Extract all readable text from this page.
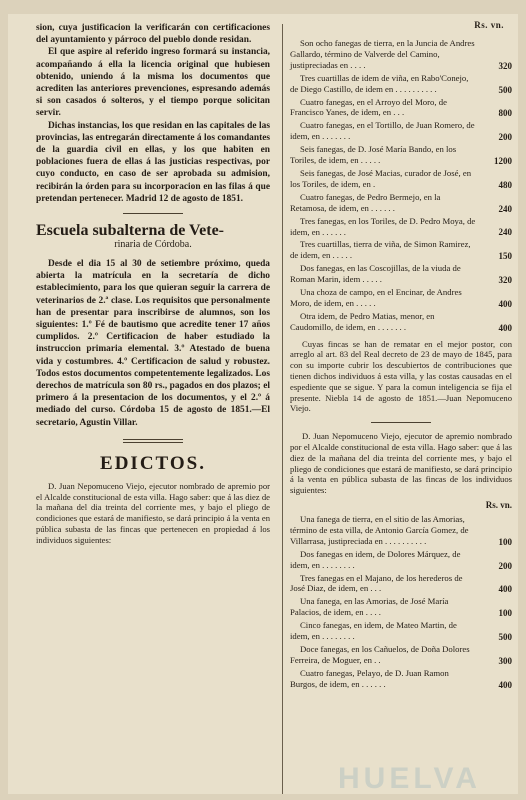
Rs. vn.

sion, cuya justificacion la verificarán con certificaciones del ayuntamiento y párroco del pueblo donde residan.

El que aspire al referido ingreso formará su instancia, acompañando á ella la licencia original que hubiesen obtenido, uniendo á la misma los documentos que acrediten las anteriores prevenciones, espresando además si son casados ó solteros, y el tiempo porque solicitan servir.

Dichas instancias, los que residan en las capitales de las provincias, las entregarán directamente á los comandantes de la guardia civil en ellas, y los que habiten en poblaciones fuera de ellas á las justicias respectivas, por cuyo conducto, en caso de ser aprobada su admision, recibirán la órden para su incorporacion en las filas á que pretendan pertenecer. Madrid 12 de agosto de 1851.

Escuela subalterna de Vete-
rinaria de Córdoba.

Desde el dia 15 al 30 de setiembre próximo, queda abierta la matrícula en la secretaría de dicho establecimiento, para los que quieran seguir la carrera de veterinarios de 2.ª clase. Los requisitos que personalmente han de presentar para inscribirse de alumnos, son los siguientes: 1.º Fé de bautismo que acredite tener 17 años cumplidos. 2.º Certificacion de haber estudiado la instruccion primaria elemental. 3.º Atestado de buena vida y costumbres. 4.º Certificacion de salud y robustez. Todos estos documentos competentemente legalizados. Los derechos de matrícula son 80 rs., pagados en dos plazos; el primero á la presentacion de los documentos, y el 2.º á mediado del curso. Córdoba 15 de agosto de 1851.—El secretario, Agustin Villar.

EDICTOS.

D. Juan Nepomuceno Viejo, ejecutor nombrado de apremio por el Alcalde constitucional de esta villa. Hago saber: que á las diez de la mañana del dia treinta del corriente mes, y bajo el pliego de condiciones que estará de manifiesto, se dará principio á la venta en pública subasta de las fincas que pertenecen en propiedad á los individuos siguientes:

Son ocho fanegas de tierra, en la Juncia de Andres Gallardo, término de Valverde del Camino, justipreciadas en . . . .	320
Tres cuartillas de idem de viña, en Rabo'Conejo, de Diego Castillo, de idem en . . . . . . . . . .	500
Cuatro fanegas, en el Arroyo del Moro, de Francisco Yanes, de idem, en . . .	800
Cuatro fanegas, en el Tortillo, de Juan Romero, de idem, en . . . . . . .	200
Seis fanegas, de D. José María Bando, en los Toriles, de idem, en . . . . .	1200
Seis fanegas, de José Macias, curador de José, en los Toriles, de idem, en .	480
Cuatro fanegas, de Pedro Bermejo, en la Retamosa, de idem, en . . . . . .	240
Tres fanegas, en los Toriles, de D. Pedro Moya, de idem, en . . . . . .	240
Tres cuartillas, tierra de viña, de Simon Ramirez, de idem, en . . . . .	150
Dos fanegas, en las Coscojillas, de la viuda de Roman Marin, idem . . . . .	320
Una choza de campo, en el Encinar, de Andres Moro, de idem, en . . . . .	400
Otra idem, de Pedro Matias, menor, en Caudomillo, de idem, en . . . . . . .	400

Cuyas fincas se han de rematar en el mejor postor, con arreglo al art. 83 del Real decreto de 23 de mayo de 1845, para con su importe cubrir los descubiertos de contribuciones que tienen dichos individuos á esta villa, y las costas causadas en el espediente que se sigue. Y para la comun inteligencia se fija el presente. Niebla 14 de agosto de 1851.—Juan Nepomuceno Viejo.

D. Juan Nepomuceno Viejo, ejecutor de apremio nombrado por el Alcalde constitucional de esta villa. Hago saber: que á las diez de la mañana del dia treinta del corriente mes, y bajo el pliego de condiciones que estará de manifiesto, se dará principio á la venta en pública subasta de las fincas de los individuos siguientes:

Rs. vn.
Una fanega de tierra, en el sitio de las Amorias, término de esta villa, de Antonio García Gomez, de Villarrasa, justipreciada en . . . . . . . . . .	100
Dos fanegas en idem, de Dolores Márquez, de idem, en . . . . . . . .	200
Tres fanegas en el Majano, de los herederos de José Diaz, de idem, en . . .	400
Una fanega, en las Amorias, de José María Palacios, de idem, en . . . .	100
Cinco fanegas, en idem, de Mateo Martin, de idem, en . . . . . . . .	500
Doce fanegas, en los Cañuelos, de Doña Dolores Ferreira, de Moguer, en . .	300
Cuatro fanegas, Pelayo, de D. Juan Ramon Burgos, de idem, en . . . . . .	400
HUELVA
